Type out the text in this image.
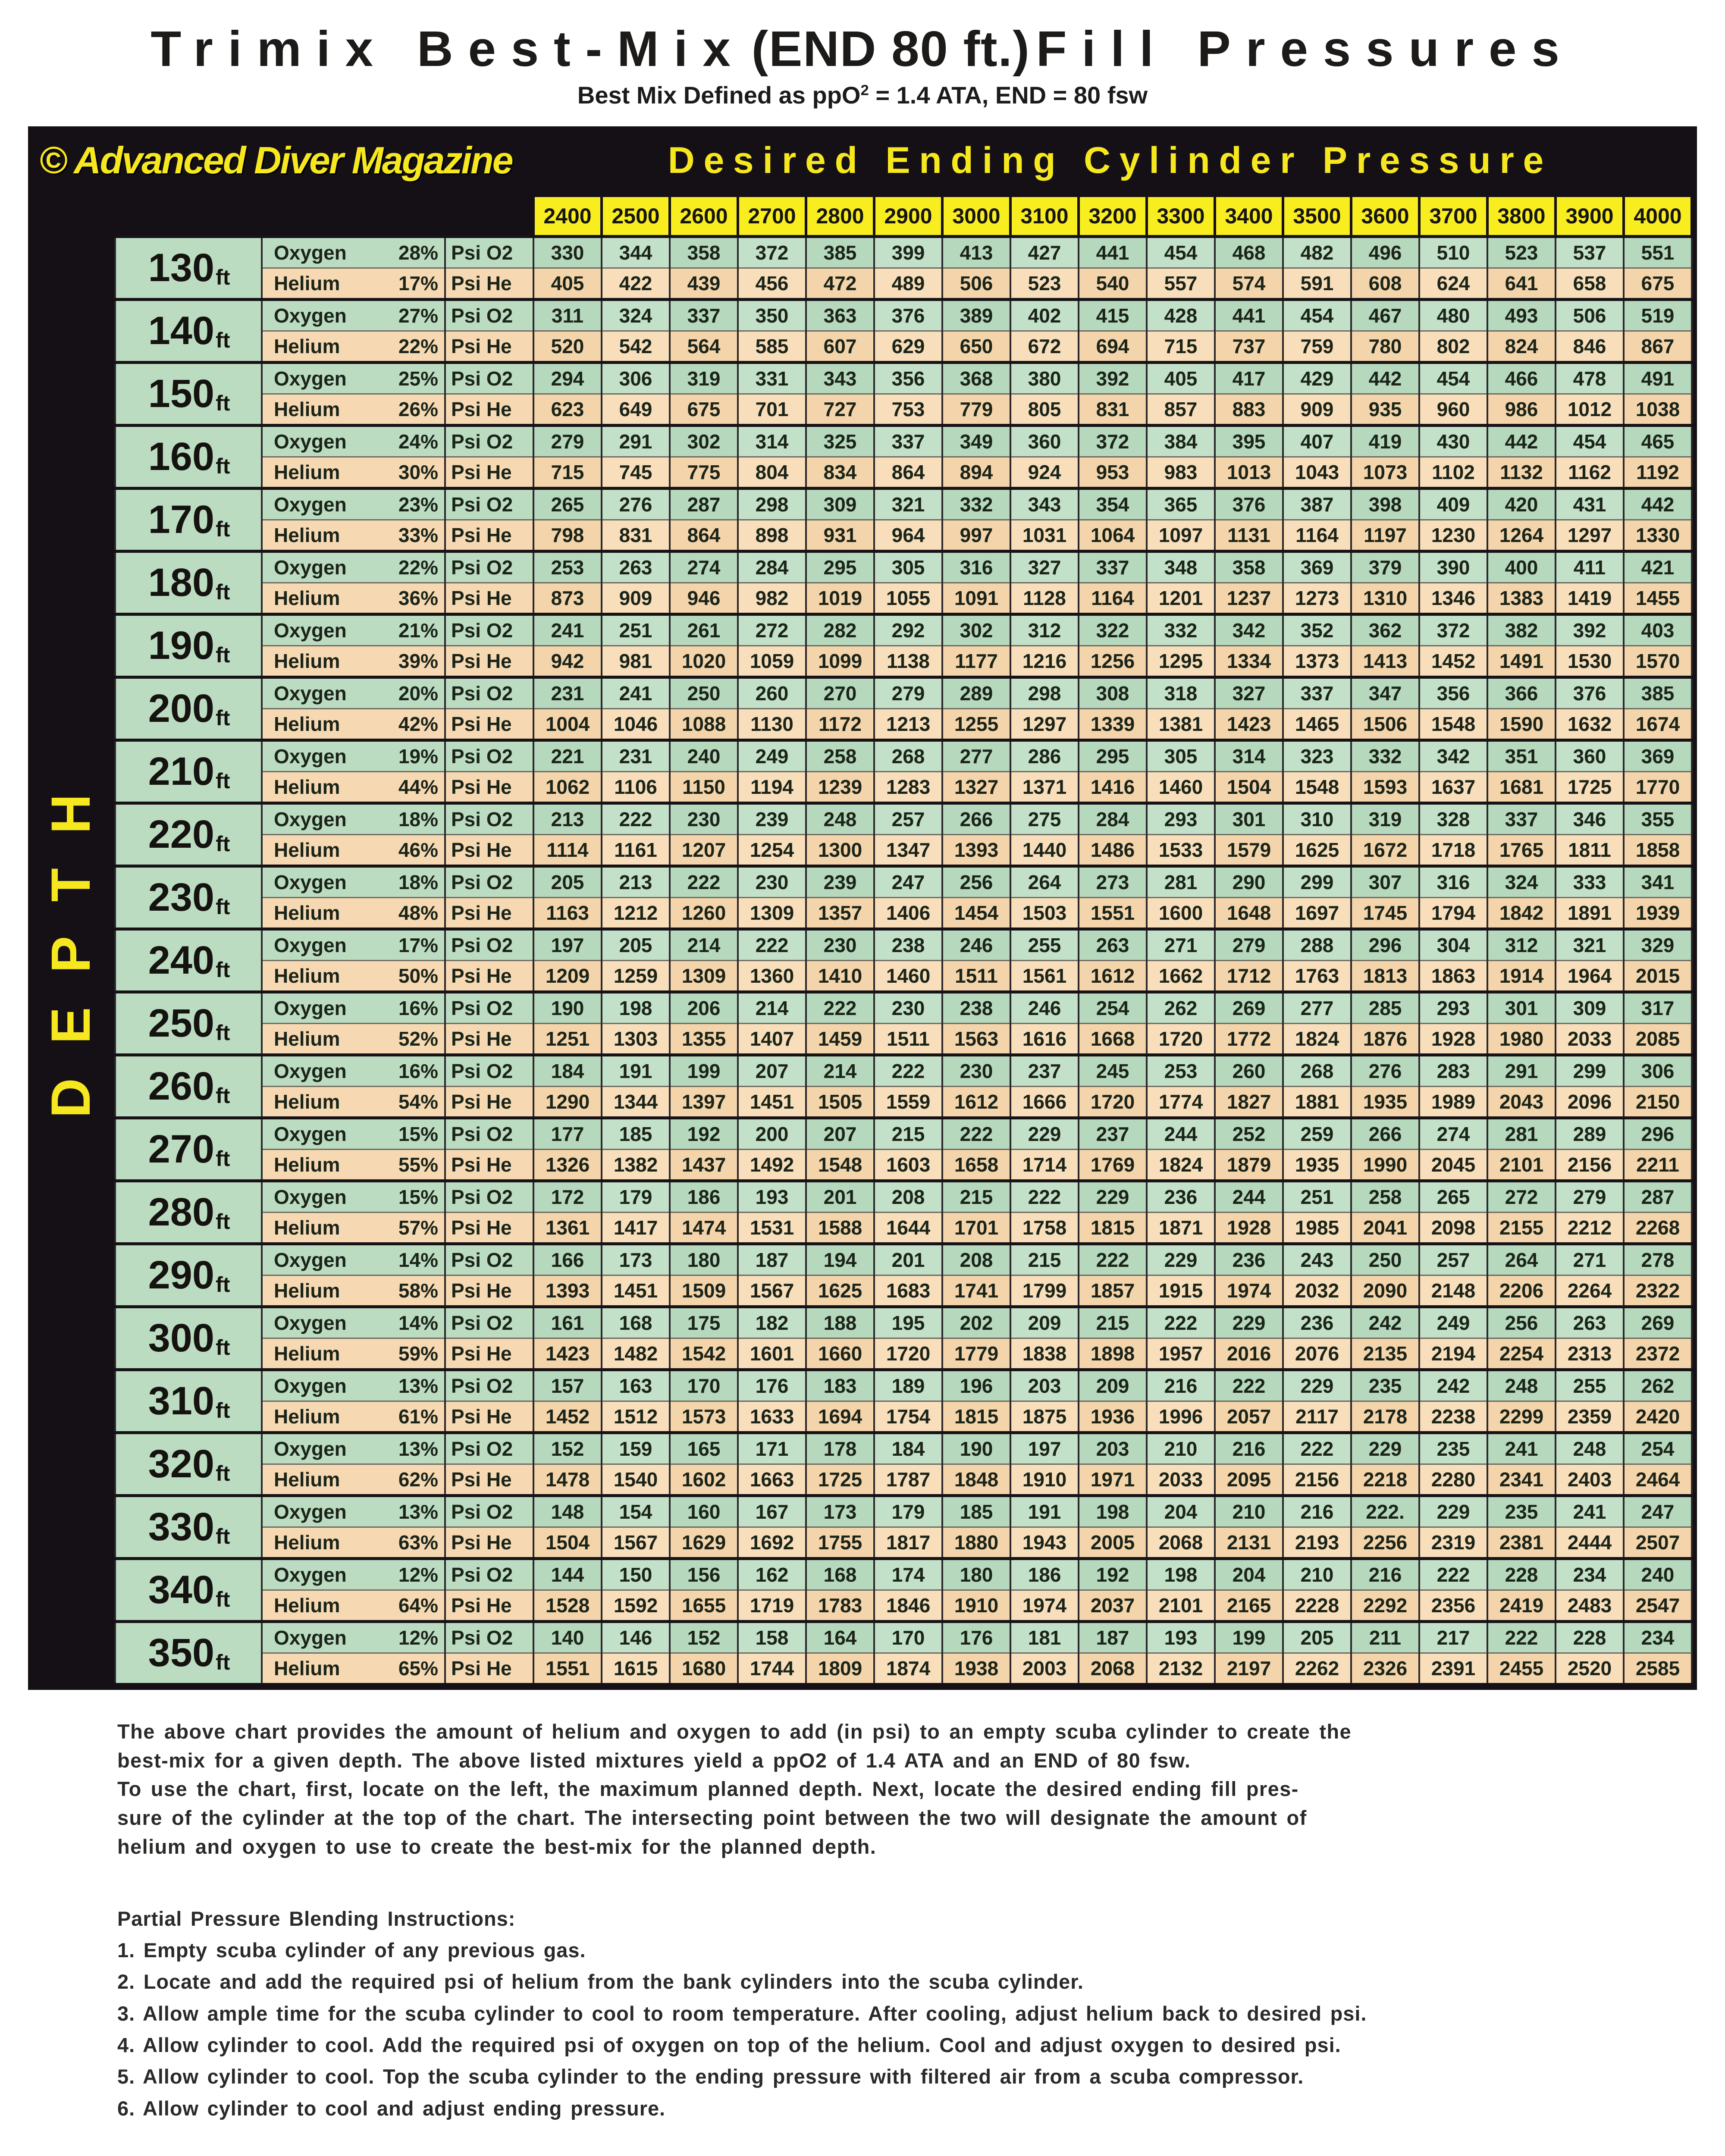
Trimix Best-Mix (END 80 ft.) Fill Pressures
Best Mix Defined as ppO$^2$ = 1.4 ATA, END = 80 fsw
© Advanced Diver Magazine	Desired Ending Cylinder Pressure
DEPTH
				2400	2500	2600	2700	2800	2900	3000	3100	3200	3300	3400	3500	3600	3700	3800	3900	4000
130ft	Oxygen	28%	Psi O2	330	344	358	372	385	399	413	427	441	454	468	482	496	510	523	537	551
	Helium	17%	Psi He	405	422	439	456	472	489	506	523	540	557	574	591	608	624	641	658	675
140ft	Oxygen	27%	Psi O2	311	324	337	350	363	376	389	402	415	428	441	454	467	480	493	506	519
	Helium	22%	Psi He	520	542	564	585	607	629	650	672	694	715	737	759	780	802	824	846	867
150ft	Oxygen	25%	Psi O2	294	306	319	331	343	356	368	380	392	405	417	429	442	454	466	478	491
	Helium	26%	Psi He	623	649	675	701	727	753	779	805	831	857	883	909	935	960	986	1012	1038
160ft	Oxygen	24%	Psi O2	279	291	302	314	325	337	349	360	372	384	395	407	419	430	442	454	465
	Helium	30%	Psi He	715	745	775	804	834	864	894	924	953	983	1013	1043	1073	1102	1132	1162	1192
170ft	Oxygen	23%	Psi O2	265	276	287	298	309	321	332	343	354	365	376	387	398	409	420	431	442
	Helium	33%	Psi He	798	831	864	898	931	964	997	1031	1064	1097	1131	1164	1197	1230	1264	1297	1330
180ft	Oxygen	22%	Psi O2	253	263	274	284	295	305	316	327	337	348	358	369	379	390	400	411	421
	Helium	36%	Psi He	873	909	946	982	1019	1055	1091	1128	1164	1201	1237	1273	1310	1346	1383	1419	1455
190ft	Oxygen	21%	Psi O2	241	251	261	272	282	292	302	312	322	332	342	352	362	372	382	392	403
	Helium	39%	Psi He	942	981	1020	1059	1099	1138	1177	1216	1256	1295	1334	1373	1413	1452	1491	1530	1570
200ft	Oxygen	20%	Psi O2	231	241	250	260	270	279	289	298	308	318	327	337	347	356	366	376	385
	Helium	42%	Psi He	1004	1046	1088	1130	1172	1213	1255	1297	1339	1381	1423	1465	1506	1548	1590	1632	1674
210ft	Oxygen	19%	Psi O2	221	231	240	249	258	268	277	286	295	305	314	323	332	342	351	360	369
	Helium	44%	Psi He	1062	1106	1150	1194	1239	1283	1327	1371	1416	1460	1504	1548	1593	1637	1681	1725	1770
220ft	Oxygen	18%	Psi O2	213	222	230	239	248	257	266	275	284	293	301	310	319	328	337	346	355
	Helium	46%	Psi He	1114	1161	1207	1254	1300	1347	1393	1440	1486	1533	1579	1625	1672	1718	1765	1811	1858
230ft	Oxygen	18%	Psi O2	205	213	222	230	239	247	256	264	273	281	290	299	307	316	324	333	341
	Helium	48%	Psi He	1163	1212	1260	1309	1357	1406	1454	1503	1551	1600	1648	1697	1745	1794	1842	1891	1939
240ft	Oxygen	17%	Psi O2	197	205	214	222	230	238	246	255	263	271	279	288	296	304	312	321	329
	Helium	50%	Psi He	1209	1259	1309	1360	1410	1460	1511	1561	1612	1662	1712	1763	1813	1863	1914	1964	2015
250ft	Oxygen	16%	Psi O2	190	198	206	214	222	230	238	246	254	262	269	277	285	293	301	309	317
	Helium	52%	Psi He	1251	1303	1355	1407	1459	1511	1563	1616	1668	1720	1772	1824	1876	1928	1980	2033	2085
260ft	Oxygen	16%	Psi O2	184	191	199	207	214	222	230	237	245	253	260	268	276	283	291	299	306
	Helium	54%	Psi He	1290	1344	1397	1451	1505	1559	1612	1666	1720	1774	1827	1881	1935	1989	2043	2096	2150
270ft	Oxygen	15%	Psi O2	177	185	192	200	207	215	222	229	237	244	252	259	266	274	281	289	296
	Helium	55%	Psi He	1326	1382	1437	1492	1548	1603	1658	1714	1769	1824	1879	1935	1990	2045	2101	2156	2211
280ft	Oxygen	15%	Psi O2	172	179	186	193	201	208	215	222	229	236	244	251	258	265	272	279	287
	Helium	57%	Psi He	1361	1417	1474	1531	1588	1644	1701	1758	1815	1871	1928	1985	2041	2098	2155	2212	2268
290ft	Oxygen	14%	Psi O2	166	173	180	187	194	201	208	215	222	229	236	243	250	257	264	271	278
	Helium	58%	Psi He	1393	1451	1509	1567	1625	1683	1741	1799	1857	1915	1974	2032	2090	2148	2206	2264	2322
300ft	Oxygen	14%	Psi O2	161	168	175	182	188	195	202	209	215	222	229	236	242	249	256	263	269
	Helium	59%	Psi He	1423	1482	1542	1601	1660	1720	1779	1838	1898	1957	2016	2076	2135	2194	2254	2313	2372
310ft	Oxygen	13%	Psi O2	157	163	170	176	183	189	196	203	209	216	222	229	235	242	248	255	262
	Helium	61%	Psi He	1452	1512	1573	1633	1694	1754	1815	1875	1936	1996	2057	2117	2178	2238	2299	2359	2420
320ft	Oxygen	13%	Psi O2	152	159	165	171	178	184	190	197	203	210	216	222	229	235	241	248	254
	Helium	62%	Psi He	1478	1540	1602	1663	1725	1787	1848	1910	1971	2033	2095	2156	2218	2280	2341	2403	2464
330ft	Oxygen	13%	Psi O2	148	154	160	167	173	179	185	191	198	204	210	216	222.	229	235	241	247
	Helium	63%	Psi He	1504	1567	1629	1692	1755	1817	1880	1943	2005	2068	2131	2193	2256	2319	2381	2444	2507
340ft	Oxygen	12%	Psi O2	144	150	156	162	168	174	180	186	192	198	204	210	216	222	228	234	240
	Helium	64%	Psi He	1528	1592	1655	1719	1783	1846	1910	1974	2037	2101	2165	2228	2292	2356	2419	2483	2547
350ft	Oxygen	12%	Psi O2	140	146	152	158	164	170	176	181	187	193	199	205	211	217	222	228	234
	Helium	65%	Psi He	1551	1615	1680	1744	1809	1874	1938	2003	2068	2132	2197	2262	2326	2391	2455	2520	2585
The above chart provides the amount of helium and oxygen to add (in psi) to an empty scuba cylinder to create the
best-mix for a given depth. The above listed mixtures yield a ppO2 of 1.4 ATA and an END of 80 fsw.
To use the chart, first, locate on the left, the maximum planned depth. Next, locate the desired ending fill pres-
sure of the cylinder at the top of the chart. The intersecting point between the two will designate the amount of
helium and oxygen to use to create the best-mix for the planned depth.
Partial Pressure Blending Instructions:
1. Empty scuba cylinder of any previous gas.
2. Locate and add the required psi of helium from the bank cylinders into the scuba cylinder.
3. Allow ample time for the scuba cylinder to cool to room temperature. After cooling, adjust helium back to desired psi.
4. Allow cylinder to cool. Add the required psi of oxygen on top of the helium. Cool and adjust oxygen to desired psi.
5. Allow cylinder to cool. Top the scuba cylinder to the ending pressure with filtered air from a scuba compressor.
6. Allow cylinder to cool and adjust ending pressure.
